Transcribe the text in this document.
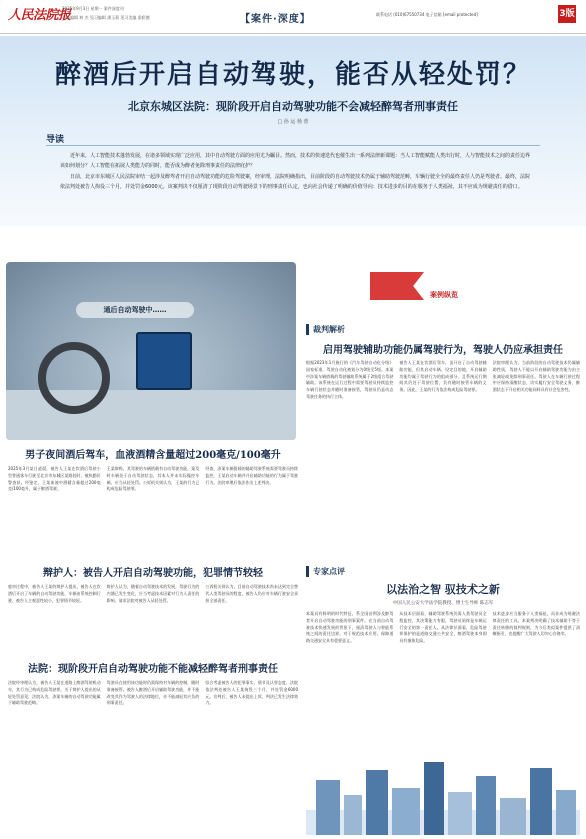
人民法院报
2025年9月3日 星期一 案件深度刊
责任编辑 林 杰 见习编辑 潘玉莉 见习美编 梁彩德	【案件·深度】	联系电话 (010)67550734 电子信箱 [email protected]	3版
醉酒后开启自动驾驶，能否从轻处罚？
北京东城区法院：现阶段开启自动驾驶功能不会减轻醉驾者刑事责任
□ 孙 运 杨 蕾
导读

近年来，人工智能技术蓬勃发展，在诸多领域实现广泛应用，其中自动驾驶方面的应用尤为瞩目。然而，技术的快速迭代也催生出一系列法律新课题：当人工智能赋能人类出行时，人与智能技术之间的责任边界该如何划分？人工智能在拓展人类能力的同时，能否成为醉者免除刑事责任的法律庇护？

日前，北京市东城区人民法院审结一起涉及醉驾者开启自动驾驶功能的危险驾驶案，经审理，法院明确指出，目前阶段的自动驾驶技术仍属于辅助驾驶范畴，车辆行驶全全的最终责任人仍是驾驶者。最终，法院依法判处被告人拘役三个月，并处罚金6000元。该案判决不仅厘清了现阶段自动驾驶场景下的刑事责任认定，也向社会传递了明确的价值导向：技术进步的目的在服务于人类福祉，其不应成为规避责任的借口。

通后自动驾驶中……
案例纵览
裁判解析
启用驾驶辅助功能仍属驾驶行为，驾驶人仍应承担责任
根据2023年1月施行的《汽车驾驶自动化分级》国家标准，驾驶自动化被划分为0级至5级。本案中涉案车辆搭载的驾驶辅助系统属于2级组合驾驶辅助。该系统在运行过程中需要驾驶员持续监控车辆行驶状态并随时准备接管，驾驶员仍是动态驾驶任务的执行主体。
被告人王某在饮酒后驾车，虽开启了自动驾驶辅助功能，但其启动车辆、设定目的地、开启辅助功能均属于驾驶行为的组成部分，且系统运行期间其仍处于驾驶位置，负有随时接管车辆的义务。因此，王某的行为依法构成危险驾驶罪。
法院审理认为，当前阶段的自动驾驶技术仍属辅助性质，驾驶人不能以开启辅助驾驶功能为由主张减轻或免除刑事责任。驾驶人在车辆行驶过程中应保持清醒状态，切实履行安全驾驶义务，醉酒状态下开启相关功能同样具有社会危害性。
专家点评
以法治之智 驭技术之新
中国人民公安大学法学院教授、博士生导师 陈志军
本案具有鲜明的时代特征，系全国首例涉及醉驾者开启自动驾驶功能的刑事案件。在当前自动驾驶技术快速发展的背景下，厘清驾驶人与智能系统之间的责任边界，对于规范技术应用、保障道路交通安全具有重要意义。
从技术层面看，辅助驾驶系统仍需人类驾驶员全程监控，其决策能力有限，驾驶员始终是车辆运行安全的第一责任人。从法律层面看，危险驾驶罪保护的是道路交通公共安全，醉酒驾驶本身即具有抽象危险。
技术进步应当服务于人类福祉，而非成为规避法律责任的工具。本案判决明确了技术辅助不等于责任转移的裁判规则，为今后类似案件提供了清晰指引，也提醒广大驾驶人切勿心存侥幸。
男子夜间酒后驾车，血液酒精含量超过200毫克/100毫升
2025年3月某日凌晨，被告人王某在饮酒后驾驶小型普通客车行驶至北京市东城区某路段时，被执勤民警查获。经鉴定，王某血液中酒精含量超过200毫克/100毫升，属于醉酒驾驶。
王某辩称，其驾驶的车辆搭载有自动驾驶功能，案发时车辆处于自动驾驶状态，其本人并未实际操控车辆，应当从轻处罚。公诉机关则认为，王某的行为已构成危险驾驶罪。
经查，涉案车辆搭载的辅助驾驶系统需要驾驶员持续监控，王某启动车辆并开启辅助功能的行为属于驾驶行为。法院审理后依法作出上述判决。
辩护人：被告人开启自动驾驶功能，犯罪情节较轻
庭审过程中，被告人王某的辩护人提出，被告人在饮酒后开启了车辆的自动驾驶功能，车辆由系统控制行驶，被告人主观恶性较小，犯罪情节较轻。
辩护人认为，随着自动驾驶技术的发展，驾驶行为的内涵已发生变化，应当考虑技术因素对行为人责任的影响，请求法院对被告人从轻处罚。
公诉机关则认为，目前自动驾驶技术尚未达到完全替代人类驾驶员的程度，被告人仍应对车辆行驶安全承担全部责任。
法院：现阶段开启自动驾驶功能不能减轻醉驾者刑事责任
法院经审理认为，被告人王某在道路上醉酒驾驶机动车，其行为已构成危险驾驶罪。关于辩护人提出的从轻处罚意见，法院认为，涉案车辆的自动驾驶功能属于辅助驾驶范畴。
驾驶员在使用该功能时仍需保持对车辆的控制，随时准备接管。被告人醉酒后开启辅助驾驶功能，并不能改变其作为驾驶人的法律地位，亦不能减轻其应负的刑事责任。
综合考虑被告人的犯罪事实、情节及认罪态度，法院依法判处被告人王某拘役三个月，并处罚金6000元。宣判后，被告人未提出上诉，判决已发生法律效力。
